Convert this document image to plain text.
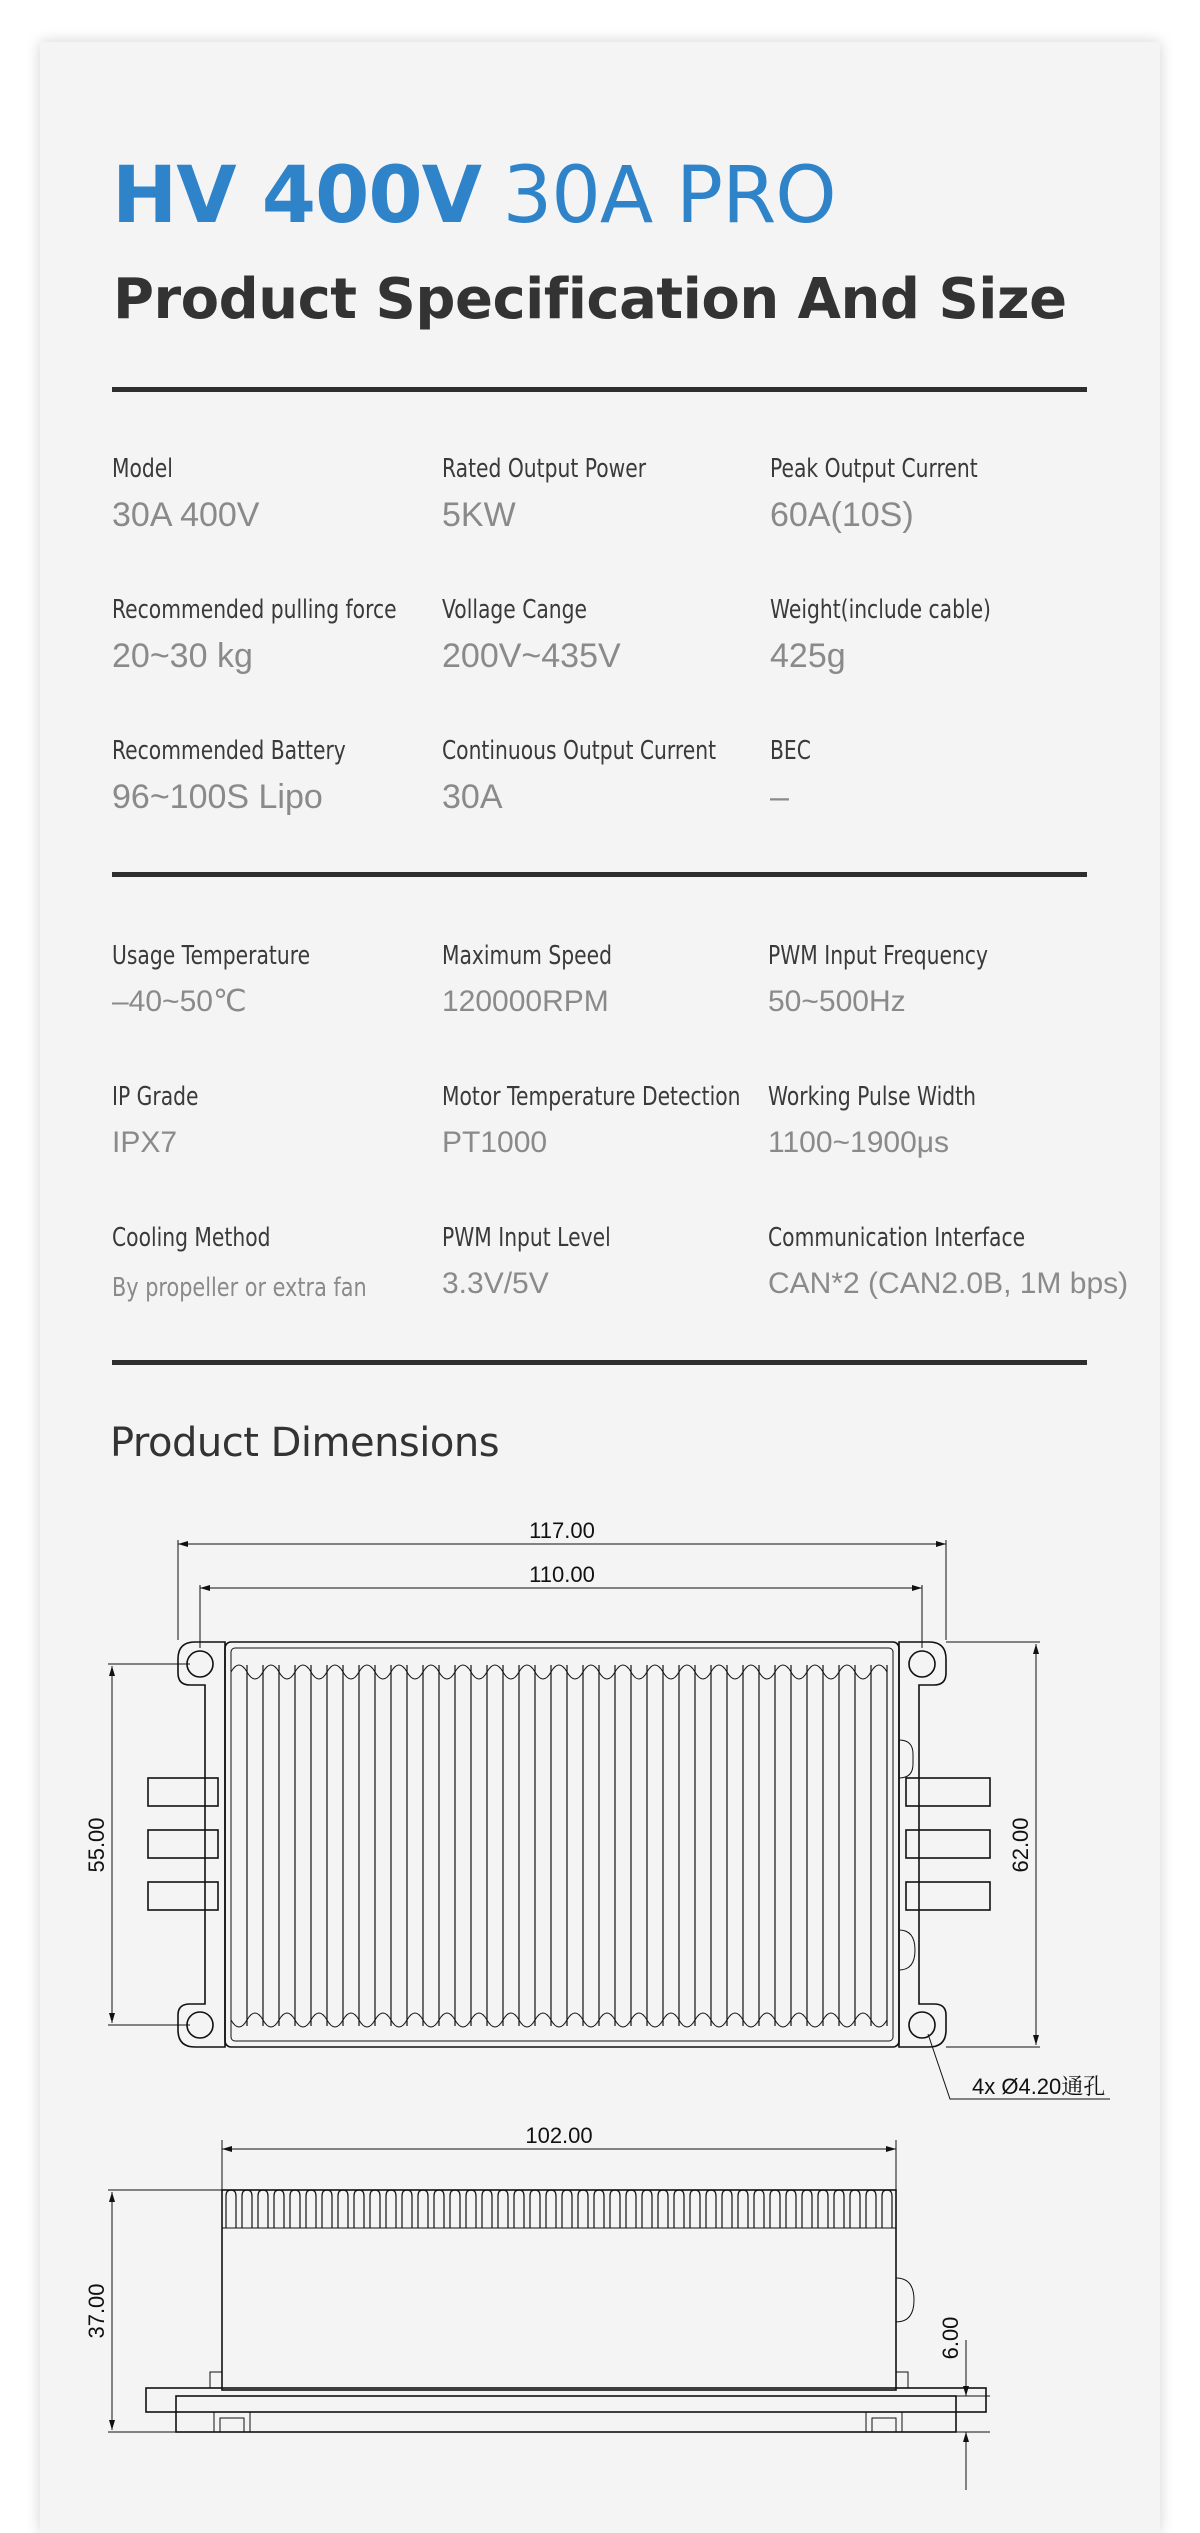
HV 400V 30A PRO
Product Specification And Size
Model
30A 400V
Rated Output Power
5KW
Peak Output Current
60A(10S)
Recommended pulling force
20~30 kg
Vollage Cange
200V~435V
Weight(include cable)
425g
Recommended Battery
96~100S Lipo
Continuous Output Current
30A
BEC
–
Usage Temperature
–40~50℃
Maximum Speed
120000RPM
PWM Input Frequency
50~500Hz
IP Grade
IPX7
Motor Temperature Detection
PT1000
Working Pulse Width
1100~1900μs
Cooling Method
By propeller or extra fan
PWM Input Level
3.3V/5V
Communication Interface
CAN*2 (CAN2.0B, 1M bps)
Product Dimensions
117.00
110.00
55.00	62.00
4x Ø4.20通孔
102.00
37.00	6.00
